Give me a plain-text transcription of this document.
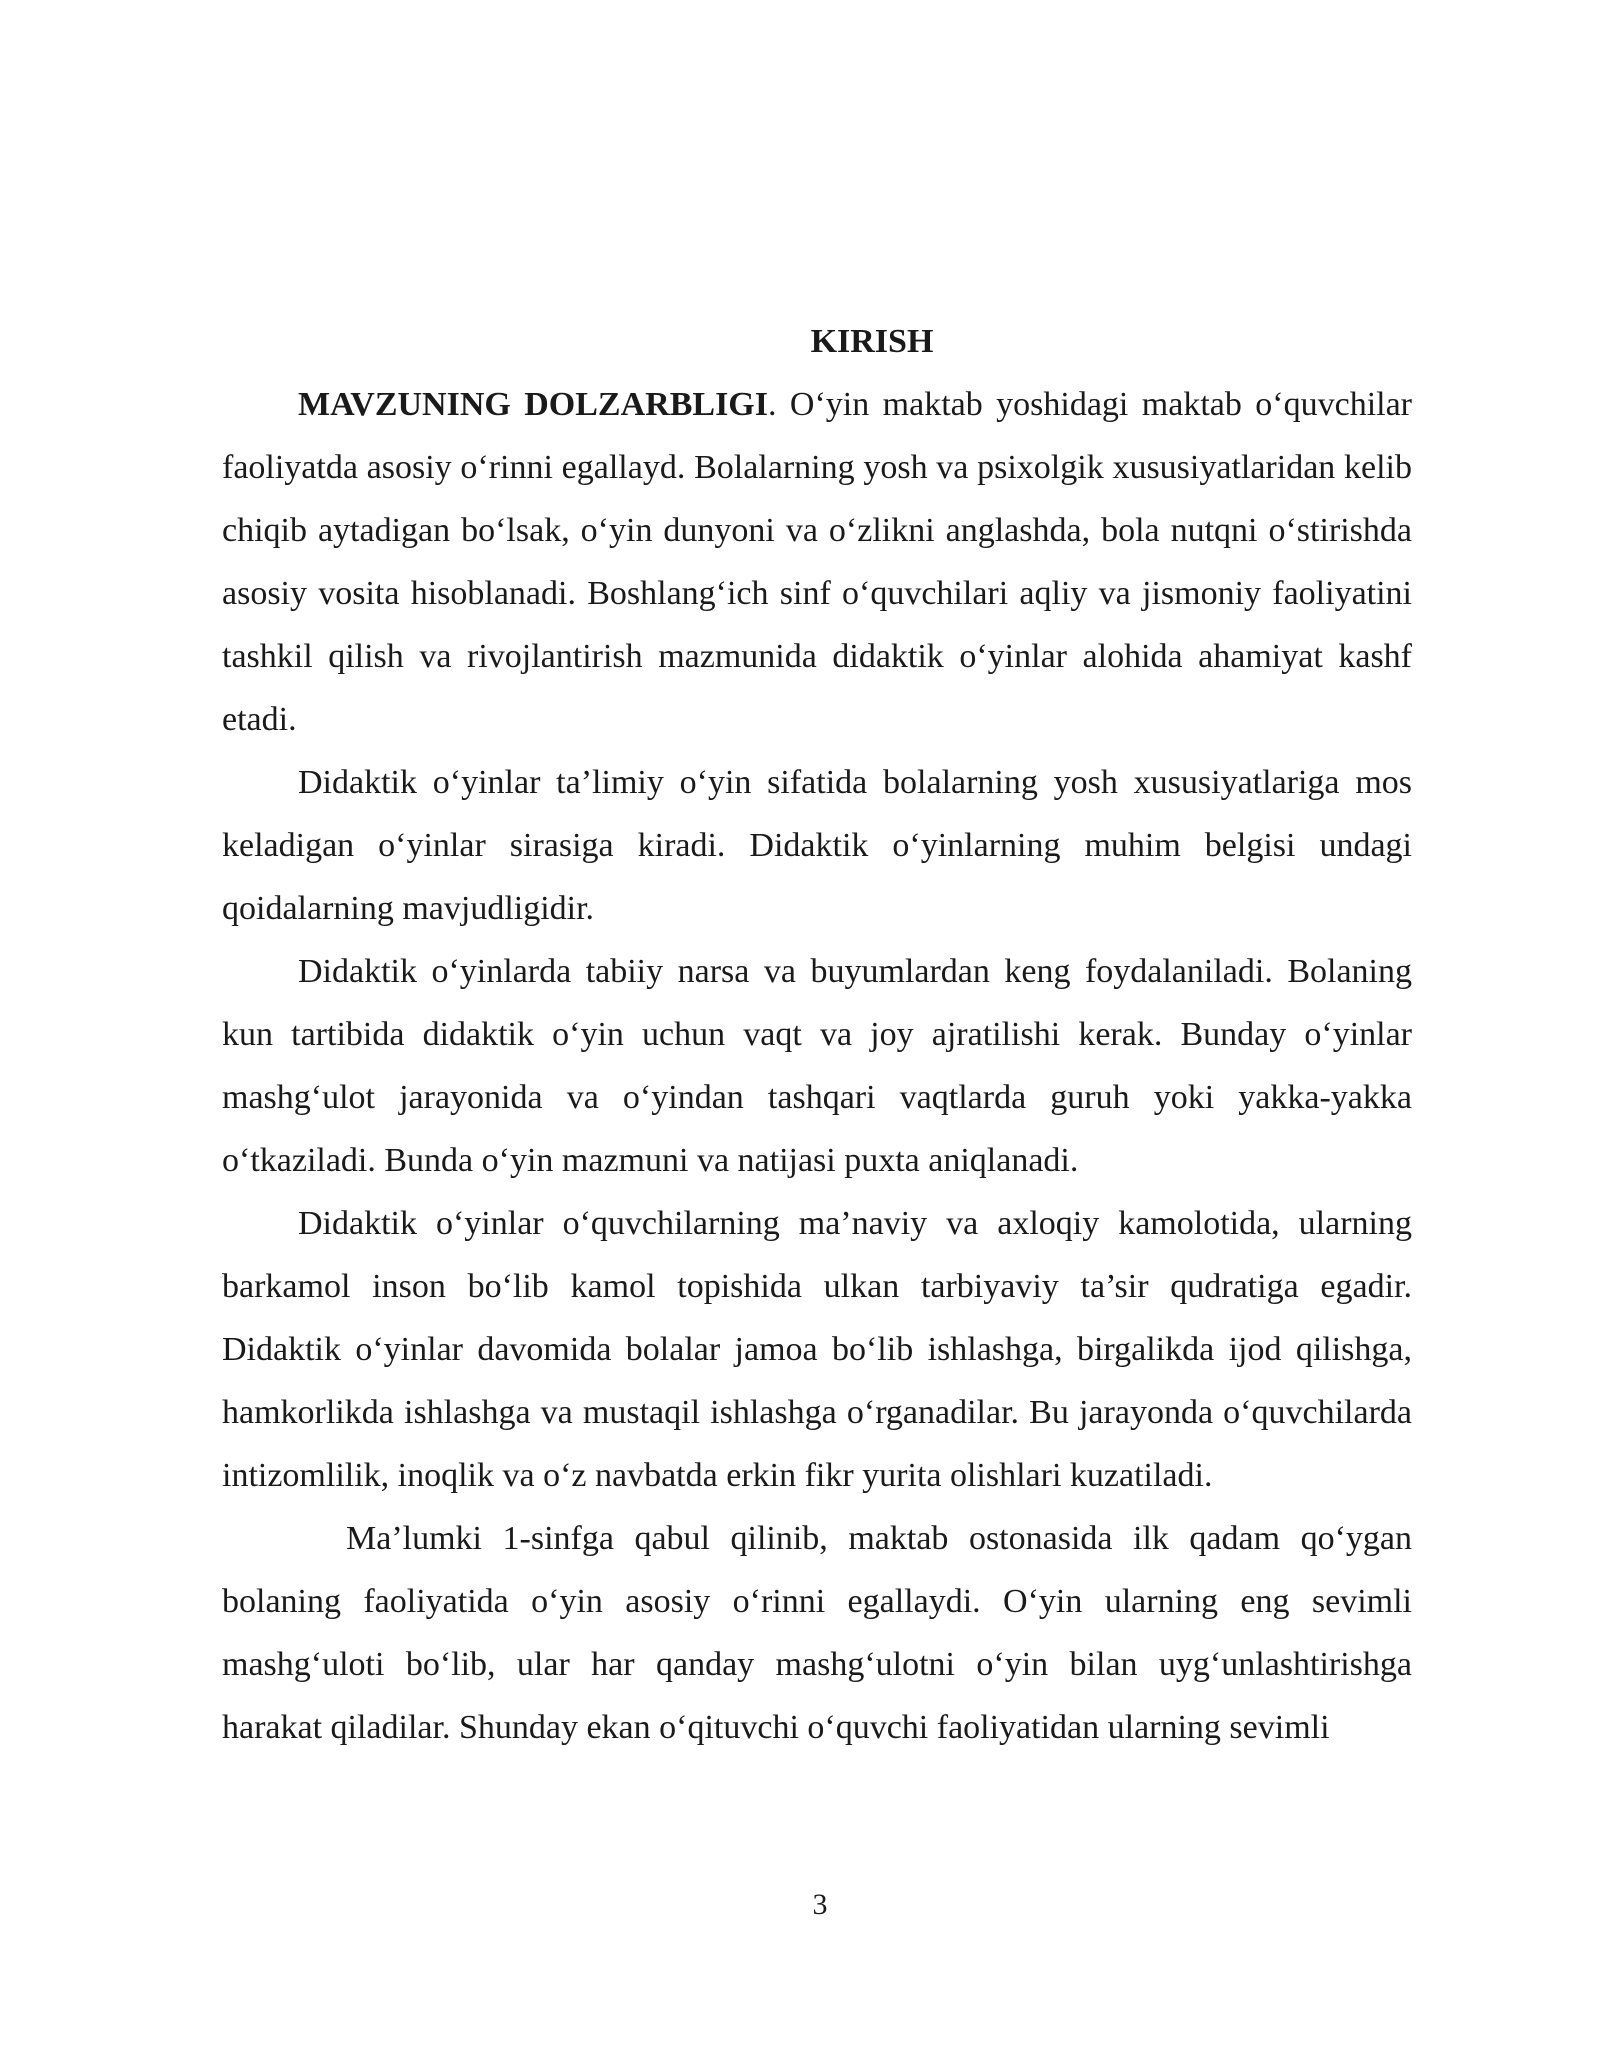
KIRISH

MAVZUNING DOLZARBLIGI. O‘yin maktab yoshidagi maktab o‘quvchilar faoliyatda asosiy o‘rinni egallayd. Bolalarning yosh va psixolgik xususiyatlaridan kelib chiqib aytadigan bo‘lsak, o‘yin dunyoni va o‘zlikni anglashda, bola nutqni o‘stirishda asosiy vosita hisoblanadi. Boshlang‘ich sinf o‘quvchilari aqliy va jismoniy faoliyatini tashkil qilish va rivojlantirish mazmunida didaktik o‘yinlar alohida ahamiyat kashf etadi.

Didaktik o‘yinlar ta’limiy o‘yin sifatida bolalarning yosh xususiyatlariga mos keladigan o‘yinlar sirasiga kiradi. Didaktik o‘yinlarning muhim belgisi undagi qoidalarning mavjudligidir.

Didaktik o‘yinlarda tabiiy narsa va buyumlardan keng foydalaniladi. Bolaning kun tartibida didaktik o‘yin uchun vaqt va joy ajratilishi kerak. Bunday o‘yinlar mashg‘ulot jarayonida va o‘yindan tashqari vaqtlarda guruh yoki yakka-yakka o‘tkaziladi. Bunda o‘yin mazmuni va natijasi puxta aniqlanadi.

Didaktik o‘yinlar o‘quvchilarning ma’naviy va axloqiy kamolotida, ularning barkamol inson bo‘lib kamol topishida ulkan tarbiyaviy ta’sir qudratiga egadir. Didaktik o‘yinlar davomida bolalar jamoa bo‘lib ishlashga, birgalikda ijod qilishga, hamkorlikda ishlashga va mustaqil ishlashga o‘rganadilar. Bu jarayonda o‘quvchilarda intizomlilik, inoqlik va o‘z navbatda erkin fikr yurita olishlari kuzatiladi.

Ma’lumki 1-sinfga qabul qilinib, maktab ostonasida ilk qadam qo‘ygan bolaning faoliyatida o‘yin asosiy o‘rinni egallaydi. O‘yin ularning eng sevimli mashg‘uloti bo‘lib, ular har qanday mashg‘ulotni o‘yin bilan uyg‘unlashtirishga harakat qiladilar. Shunday ekan o‘qituvchi o‘quvchi faoliyatidan ularning sevimli

3
